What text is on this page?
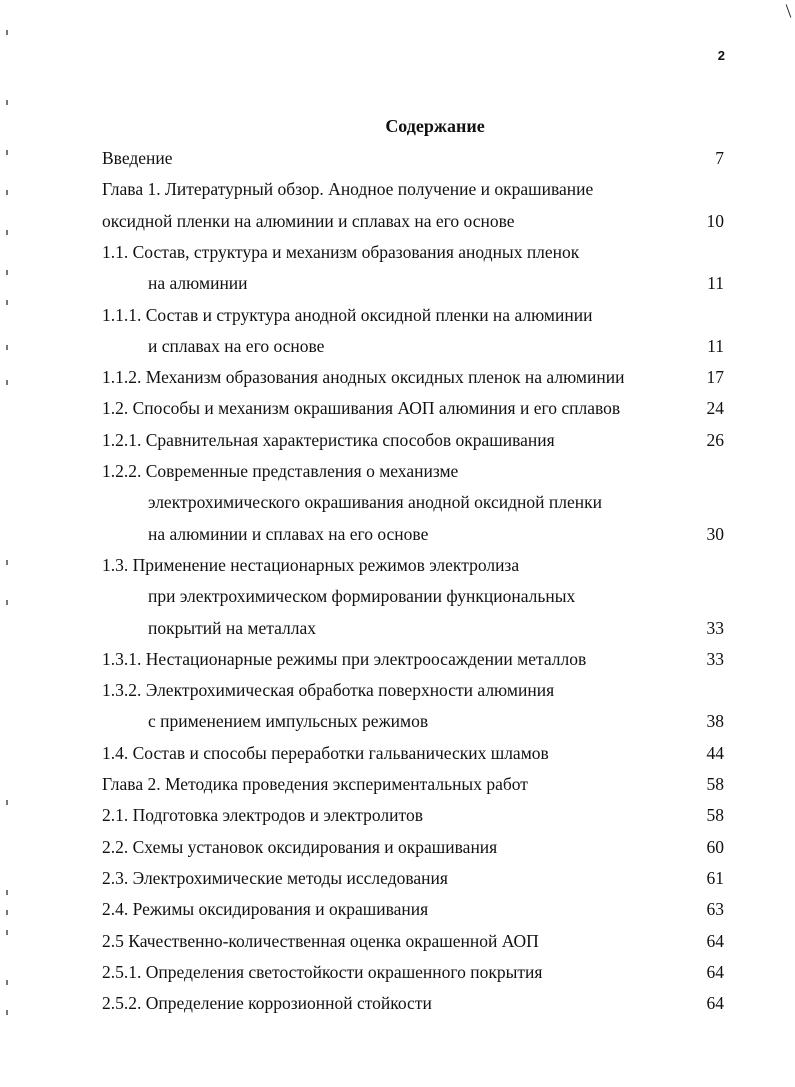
2
Содержание
Введение	7
Глава 1. Литературный обзор. Анодное получение и окрашивание
оксидной пленки на алюминии и сплавах на его основе	10
1.1. Состав, структура и механизм образования анодных пленок
на алюминии	11
1.1.1. Состав и структура анодной оксидной пленки на алюминии
и сплавах на его основе	11
1.1.2. Механизм образования анодных оксидных пленок на алюминии	17
1.2. Способы и механизм окрашивания АОП алюминия и его сплавов	24
1.2.1. Сравнительная характеристика способов окрашивания	26
1.2.2. Современные представления о механизме
электрохимического окрашивания анодной оксидной пленки
на алюминии и сплавах на его основе	30
1.3. Применение нестационарных режимов электролиза
при электрохимическом формировании функциональных
покрытий на металлах	33
1.3.1. Нестационарные режимы при электроосаждении металлов	33
1.3.2. Электрохимическая обработка поверхности алюминия
с применением импульсных режимов	38
1.4. Состав и способы переработки гальванических шламов	44
Глава 2. Методика проведения экспериментальных работ	58
2.1. Подготовка электродов и электролитов	58
2.2. Схемы установок оксидирования и окрашивания	60
2.3. Электрохимические методы исследования	61
2.4. Режимы оксидирования и окрашивания	63
2.5 Качественно-количественная оценка окрашенной АОП	64
2.5.1. Определения светостойкости окрашенного покрытия	64
2.5.2. Определение коррозионной стойкости	64
